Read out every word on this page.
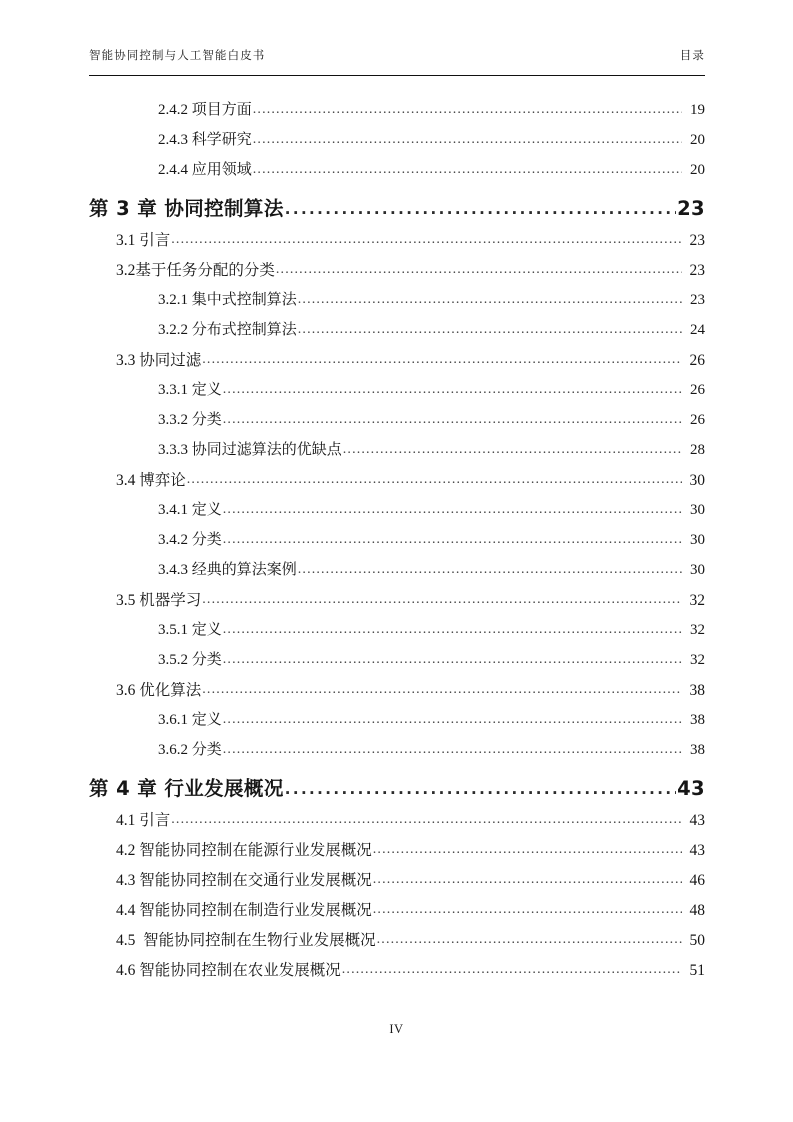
智能协同控制与人工智能白皮书	目录
2.4.2 项目方面 .....	19
2.4.3 科学研究 .....	20
2.4.4 应用领域 .....	20
第 3 章 协同控制算法 .....	23
3.1 引言 .....	23
3.2基于任务分配的分类 .....	23
3.2.1 集中式控制算法 .....	23
3.2.2 分布式控制算法 .....	24
3.3 协同过滤 .....	26
3.3.1 定义 .....	26
3.3.2 分类 .....	26
3.3.3 协同过滤算法的优缺点 .....	28
3.4 博弈论 .....	30
3.4.1 定义 .....	30
3.4.2 分类 .....	30
3.4.3 经典的算法案例 .....	30
3.5 机器学习 .....	32
3.5.1 定义 .....	32
3.5.2 分类 .....	32
3.6 优化算法 .....	38
3.6.1 定义 .....	38
3.6.2 分类 .....	38
第 4 章 行业发展概况 .....	43
4.1 引言 .....	43
4.2 智能协同控制在能源行业发展概况 .....	43
4.3 智能协同控制在交通行业发展概况 .....	46
4.4 智能协同控制在制造行业发展概况 .....	48
4.5  智能协同控制在生物行业发展概况 .....	50
4.6 智能协同控制在农业发展概况 .....	51
IV
